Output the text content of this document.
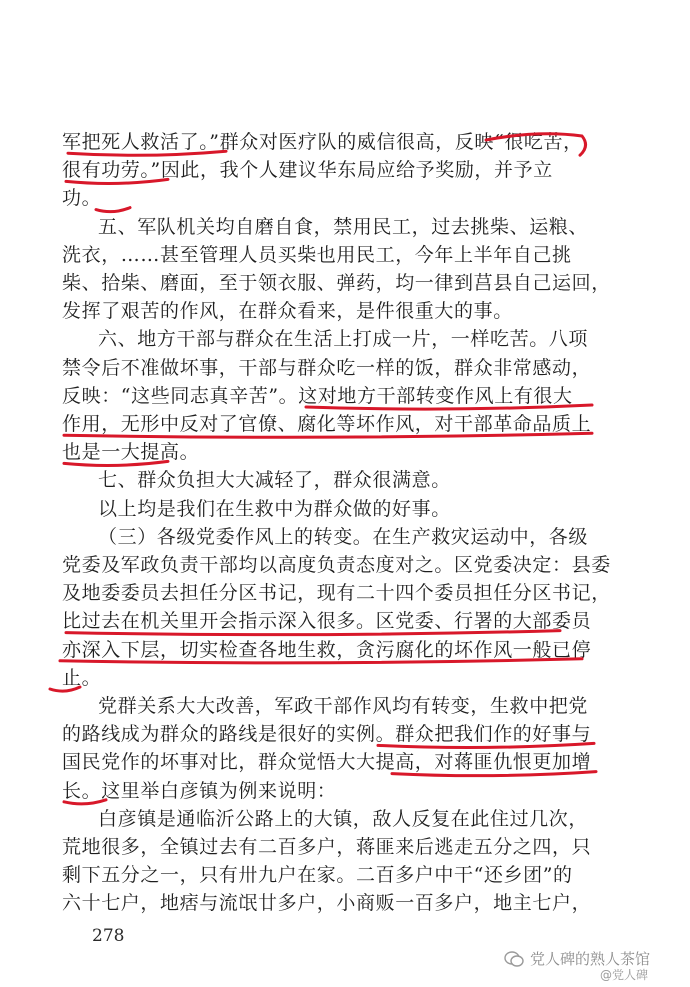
六十七户，地痞与流氓廿多户，小商贩一百多户，地主七户，
剩下五分之一，只有卅九户在家。二百多户中干“还乡团”的
荒地很多，全镇过去有二百多户，蒋匪来后逃走五分之四，只
白彦镇是通临沂公路上的大镇，敌人反复在此住过几次，
长。这里举白彦镇为例来说明：
国民党作的坏事对比，群众觉悟大大提高，对蒋匪仇恨更加增
的路线成为群众的路线是很好的实例。群众把我们作的好事与
党群关系大大改善，军政干部作风均有转变，生救中把党
止。
亦深入下层，切实检查各地生救，贪污腐化的坏作风一般已停
比过去在机关里开会指示深入很多。区党委、行署的大部委员
及地委委员去担任分区书记，现有二十四个委员担任分区书记，
党委及军政负责干部均以高度负责态度对之。区党委决定：县委
（三）各级党委作风上的转变。在生产救灾运动中，各级
以上均是我们在生救中为群众做的好事。
七、群众负担大大减轻了，群众很满意。
也是一大提高。
作用，无形中反对了官僚、腐化等坏作风，对干部革命品质上
反映：“这些同志真辛苦”。这对地方干部转变作风上有很大
禁令后不准做坏事，干部与群众吃一样的饭，群众非常感动，
六、地方干部与群众在生活上打成一片，一样吃苦。八项
发挥了艰苦的作风，在群众看来，是件很重大的事。
柴、拾柴、磨面，至于领衣服、弹药，均一律到莒县自己运回，
洗衣，……甚至管理人员买柴也用民工，今年上半年自己挑
五、军队机关均自磨自食，禁用民工，过去挑柴、运粮、
功。
很有功劳。”因此，我个人建议华东局应给予奖励，并予立
军把死人救活了。”群众对医疗队的威信很高，反映“很吃苦，
278
党人碑的熟人茶馆
@党人碑
